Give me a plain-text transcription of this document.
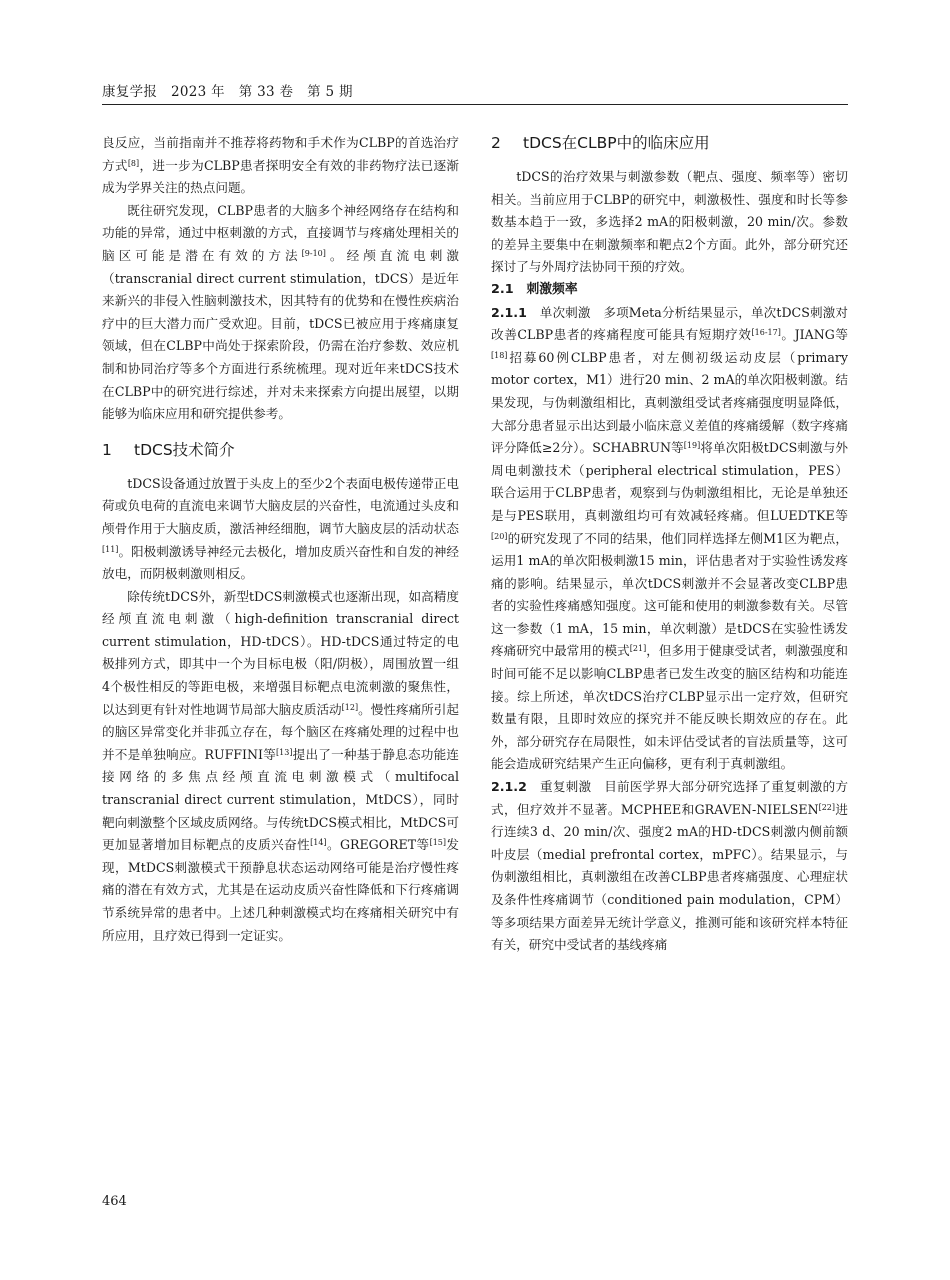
康复学报　2023 年　第 33 卷　第 5 期

良反应，当前指南并不推荐将药物和手术作为CLBP的首选治疗方式[8]，进一步为CLBP患者探明安全有效的非药物疗法已逐渐成为学界关注的热点问题。

既往研究发现，CLBP患者的大脑多个神经网络存在结构和功能的异常，通过中枢刺激的方式，直接调节与疼痛处理相关的脑区可能是潜在有效的方法[9-10]。经颅直流电刺激（transcranial direct current stimulation，tDCS）是近年来新兴的非侵入性脑刺激技术，因其特有的优势和在慢性疾病治疗中的巨大潜力而广受欢迎。目前，tDCS已被应用于疼痛康复领域，但在CLBP中尚处于探索阶段，仍需在治疗参数、效应机制和协同治疗等多个方面进行系统梳理。现对近年来tDCS技术在CLBP中的研究进行综述，并对未来探索方向提出展望，以期能够为临床应用和研究提供参考。

1 tDCS技术简介

tDCS设备通过放置于头皮上的至少2个表面电极传递带正电荷或负电荷的直流电来调节大脑皮层的兴奋性，电流通过头皮和颅骨作用于大脑皮质，激活神经细胞，调节大脑皮层的活动状态[11]。阳极刺激诱导神经元去极化，增加皮质兴奋性和自发的神经放电，而阴极刺激则相反。

除传统tDCS外，新型tDCS刺激模式也逐渐出现，如高精度经颅直流电刺激（high-definition transcranial direct current stimulation，HD-tDCS）。HD-tDCS通过特定的电极排列方式，即其中一个为目标电极（阳/阴极），周围放置一组4个极性相反的等距电极，来增强目标靶点电流刺激的聚焦性，以达到更有针对性地调节局部大脑皮质活动[12]。慢性疼痛所引起的脑区异常变化并非孤立存在，每个脑区在疼痛处理的过程中也并不是单独响应。RUFFINI等[13]提出了一种基于静息态功能连接网络的多焦点经颅直流电刺激模式（multifocal transcranial direct current stimulation，MtDCS），同时靶向刺激整个区域皮质网络。与传统tDCS模式相比，MtDCS可更加显著增加目标靶点的皮质兴奋性[14]。GREGORET等[15]发现，MtDCS刺激模式干预静息状态运动网络可能是治疗慢性疼痛的潜在有效方式，尤其是在运动皮质兴奋性降低和下行疼痛调节系统异常的患者中。上述几种刺激模式均在疼痛相关研究中有所应用，且疗效已得到一定证实。

2 tDCS在CLBP中的临床应用

tDCS的治疗效果与刺激参数（靶点、强度、频率等）密切相关。当前应用于CLBP的研究中，刺激极性、强度和时长等参数基本趋于一致，多选择2 mA的阳极刺激，20 min/次。参数的差异主要集中在刺激频率和靶点2个方面。此外，部分研究还探讨了与外周疗法协同干预的疗效。

2.1　刺激频率

2.1.1　 单次刺激　多项Meta分析结果显示，单次tDCS刺激对改善CLBP患者的疼痛程度可能具有短期疗效[16-17]。JIANG等[18]招募60例CLBP患者，对左侧初级运动皮层（primary motor cortex，M1）进行20 min、2 mA的单次阳极刺激。结果发现，与伪刺激组相比，真刺激组受试者疼痛强度明显降低，大部分患者显示出达到最小临床意义差值的疼痛缓解（数字疼痛评分降低≥2分）。SCHABRUN等[19]将单次阳极tDCS刺激与外周电刺激技术（peripheral electrical stimulation，PES）联合运用于CLBP患者，观察到与伪刺激组相比，无论是单独还是与PES联用，真刺激组均可有效减轻疼痛。但LUEDTKE等[20]的研究发现了不同的结果，他们同样选择左侧M1区为靶点，运用1 mA的单次阳极刺激15 min，评估患者对于实验性诱发疼痛的影响。结果显示，单次tDCS刺激并不会显著改变CLBP患者的实验性疼痛感知强度。这可能和使用的刺激参数有关。尽管这一参数（1 mA，15 min，单次刺激）是tDCS在实验性诱发疼痛研究中最常用的模式[21]，但多用于健康受试者，刺激强度和时间可能不足以影响CLBP患者已发生改变的脑区结构和功能连接。综上所述，单次tDCS治疗CLBP显示出一定疗效，但研究数量有限，且即时效应的探究并不能反映长期效应的存在。此外，部分研究存在局限性，如未评估受试者的盲法质量等，这可能会造成研究结果产生正向偏移，更有利于真刺激组。

2.1.2　 重复刺激　目前医学界大部分研究选择了重复刺激的方式，但疗效并不显著。MCPHEE和GRAVEN-NIELSEN[22]进行连续3 d、20 min/次、强度2 mA的HD-tDCS刺激内侧前额叶皮层（medial prefrontal cortex，mPFC）。结果显示，与伪刺激组相比，真刺激组在改善CLBP患者疼痛强度、心理症状及条件性疼痛调节（conditioned pain modulation，CPM）等多项结果方面差异无统计学意义，推测可能和该研究样本特征有关，研究中受试者的基线疼痛

464
